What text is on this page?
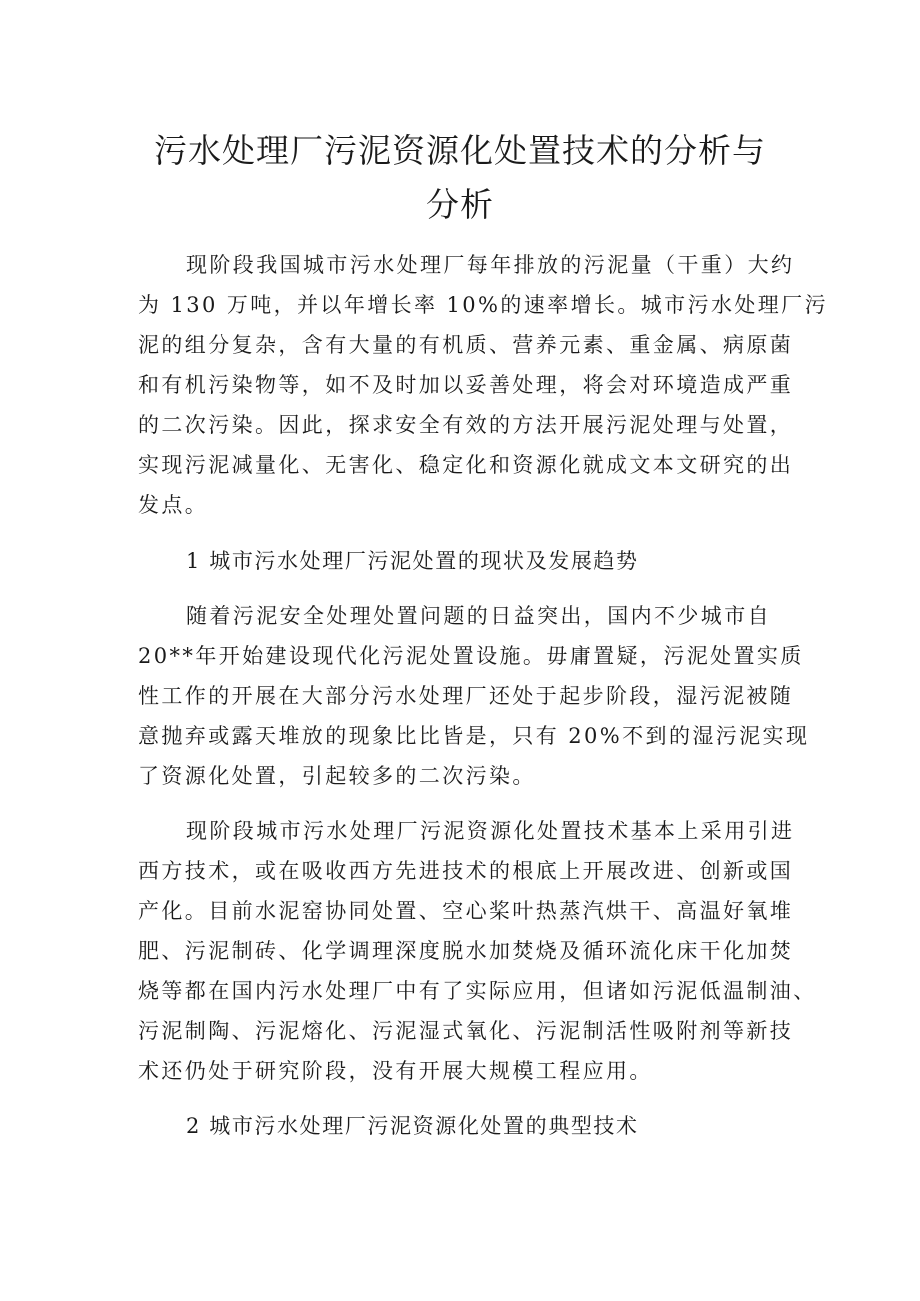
污水处理厂污泥资源化处置技术的分析与
分析

现阶段我国城市污水处理厂每年排放的污泥量（干重）大约

为 130 万吨，并以年增长率 10%的速率增长。城市污水处理厂污

泥的组分复杂，含有大量的有机质、营养元素、重金属、病原菌

和有机污染物等，如不及时加以妥善处理，将会对环境造成严重

的二次污染。因此，探求安全有效的方法开展污泥处理与处置，

实现污泥减量化、无害化、稳定化和资源化就成文本文研究的出

发点。

1 城市污水处理厂污泥处置的现状及发展趋势

随着污泥安全处理处置问题的日益突出，国内不少城市自

20**年开始建设现代化污泥处置设施。毋庸置疑，污泥处置实质

性工作的开展在大部分污水处理厂还处于起步阶段，湿污泥被随

意抛弃或露天堆放的现象比比皆是，只有 20%不到的湿污泥实现

了资源化处置，引起较多的二次污染。

现阶段城市污水处理厂污泥资源化处置技术基本上采用引进

西方技术，或在吸收西方先进技术的根底上开展改进、创新或国

产化。目前水泥窑协同处置、空心桨叶热蒸汽烘干、高温好氧堆

肥、污泥制砖、化学调理深度脱水加焚烧及循环流化床干化加焚

烧等都在国内污水处理厂中有了实际应用，但诸如污泥低温制油、

污泥制陶、污泥熔化、污泥湿式氧化、污泥制活性吸附剂等新技

术还仍处于研究阶段，没有开展大规模工程应用。

2 城市污水处理厂污泥资源化处置的典型技术
